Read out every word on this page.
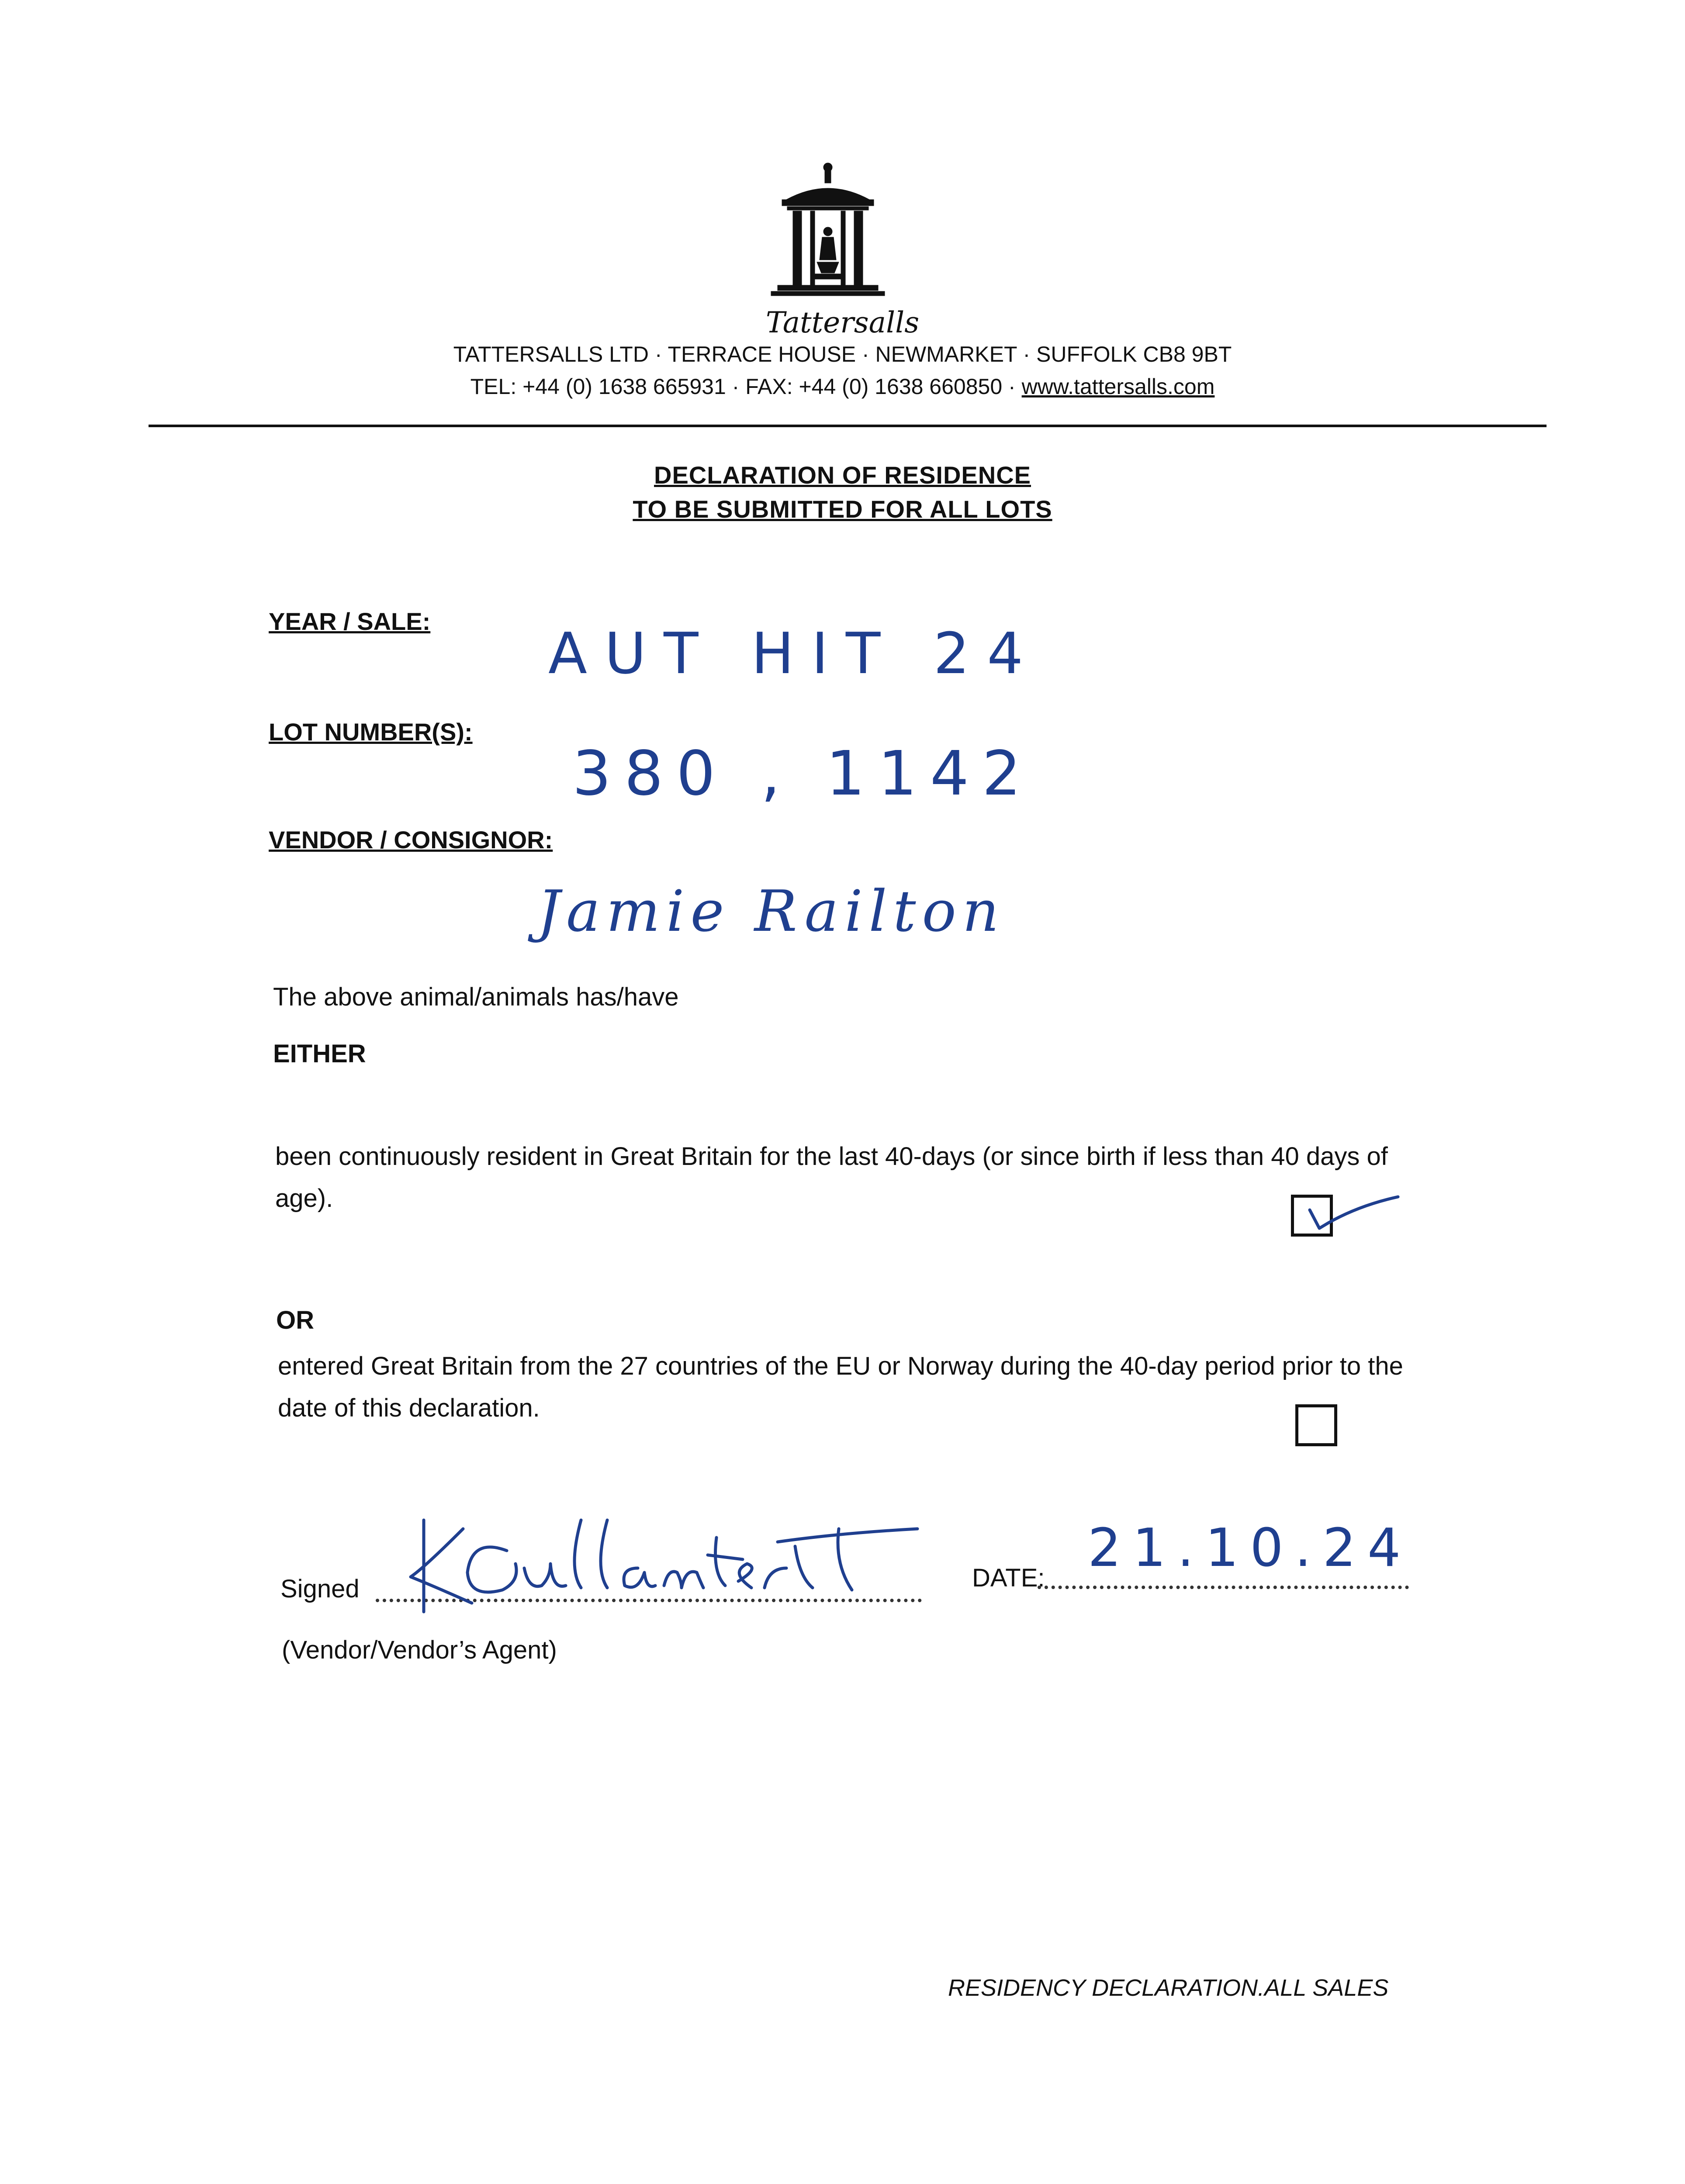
Tattersalls
TATTERSALLS LTD · TERRACE HOUSE · NEWMARKET · SUFFOLK CB8 9BT
TEL: +44 (0) 1638 665931 · FAX: +44 (0) 1638 660850 · www.tattersalls.com
DECLARATION OF RESIDENCE
TO BE SUBMITTED FOR ALL LOTS
YEAR / SALE: AUT HIT 24
LOT NUMBER(S):
380 , 1142
VENDOR / CONSIGNOR:
Jamie Railton
The above animal/animals has/have
EITHER
been continuously resident in Great Britain for the last 40-days (or since birth if less than 40 days of age).
OR
entered Great Britain from the 27 countries of the EU or Norway during the 40-day period prior to the date of this declaration.
Signed	DATE: 21.10.24
(Vendor/Vendor’s Agent)
RESIDENCY DECLARATION.ALL SALES
